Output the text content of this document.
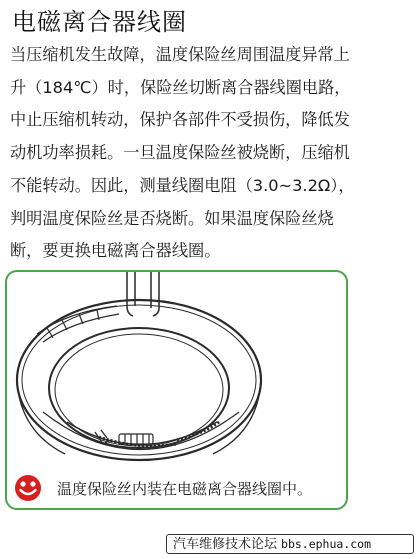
电磁离合器线圈
当压缩机发生故障，温度保险丝周围温度异常上
升（184℃）时，保险丝切断离合器线圈电路，
中止压缩机转动，保护各部件不受损伤，降低发
动机功率损耗。一旦温度保险丝被烧断，压缩机
不能转动。因此，测量线圈电阻（3.0~3.2Ω），
判明温度保险丝是否烧断。如果温度保险丝烧
断，要更换电磁离合器线圈。
温度保险丝内装在电磁离合器线圈中。
汽车维修技术论坛 bbs.ephua.com
